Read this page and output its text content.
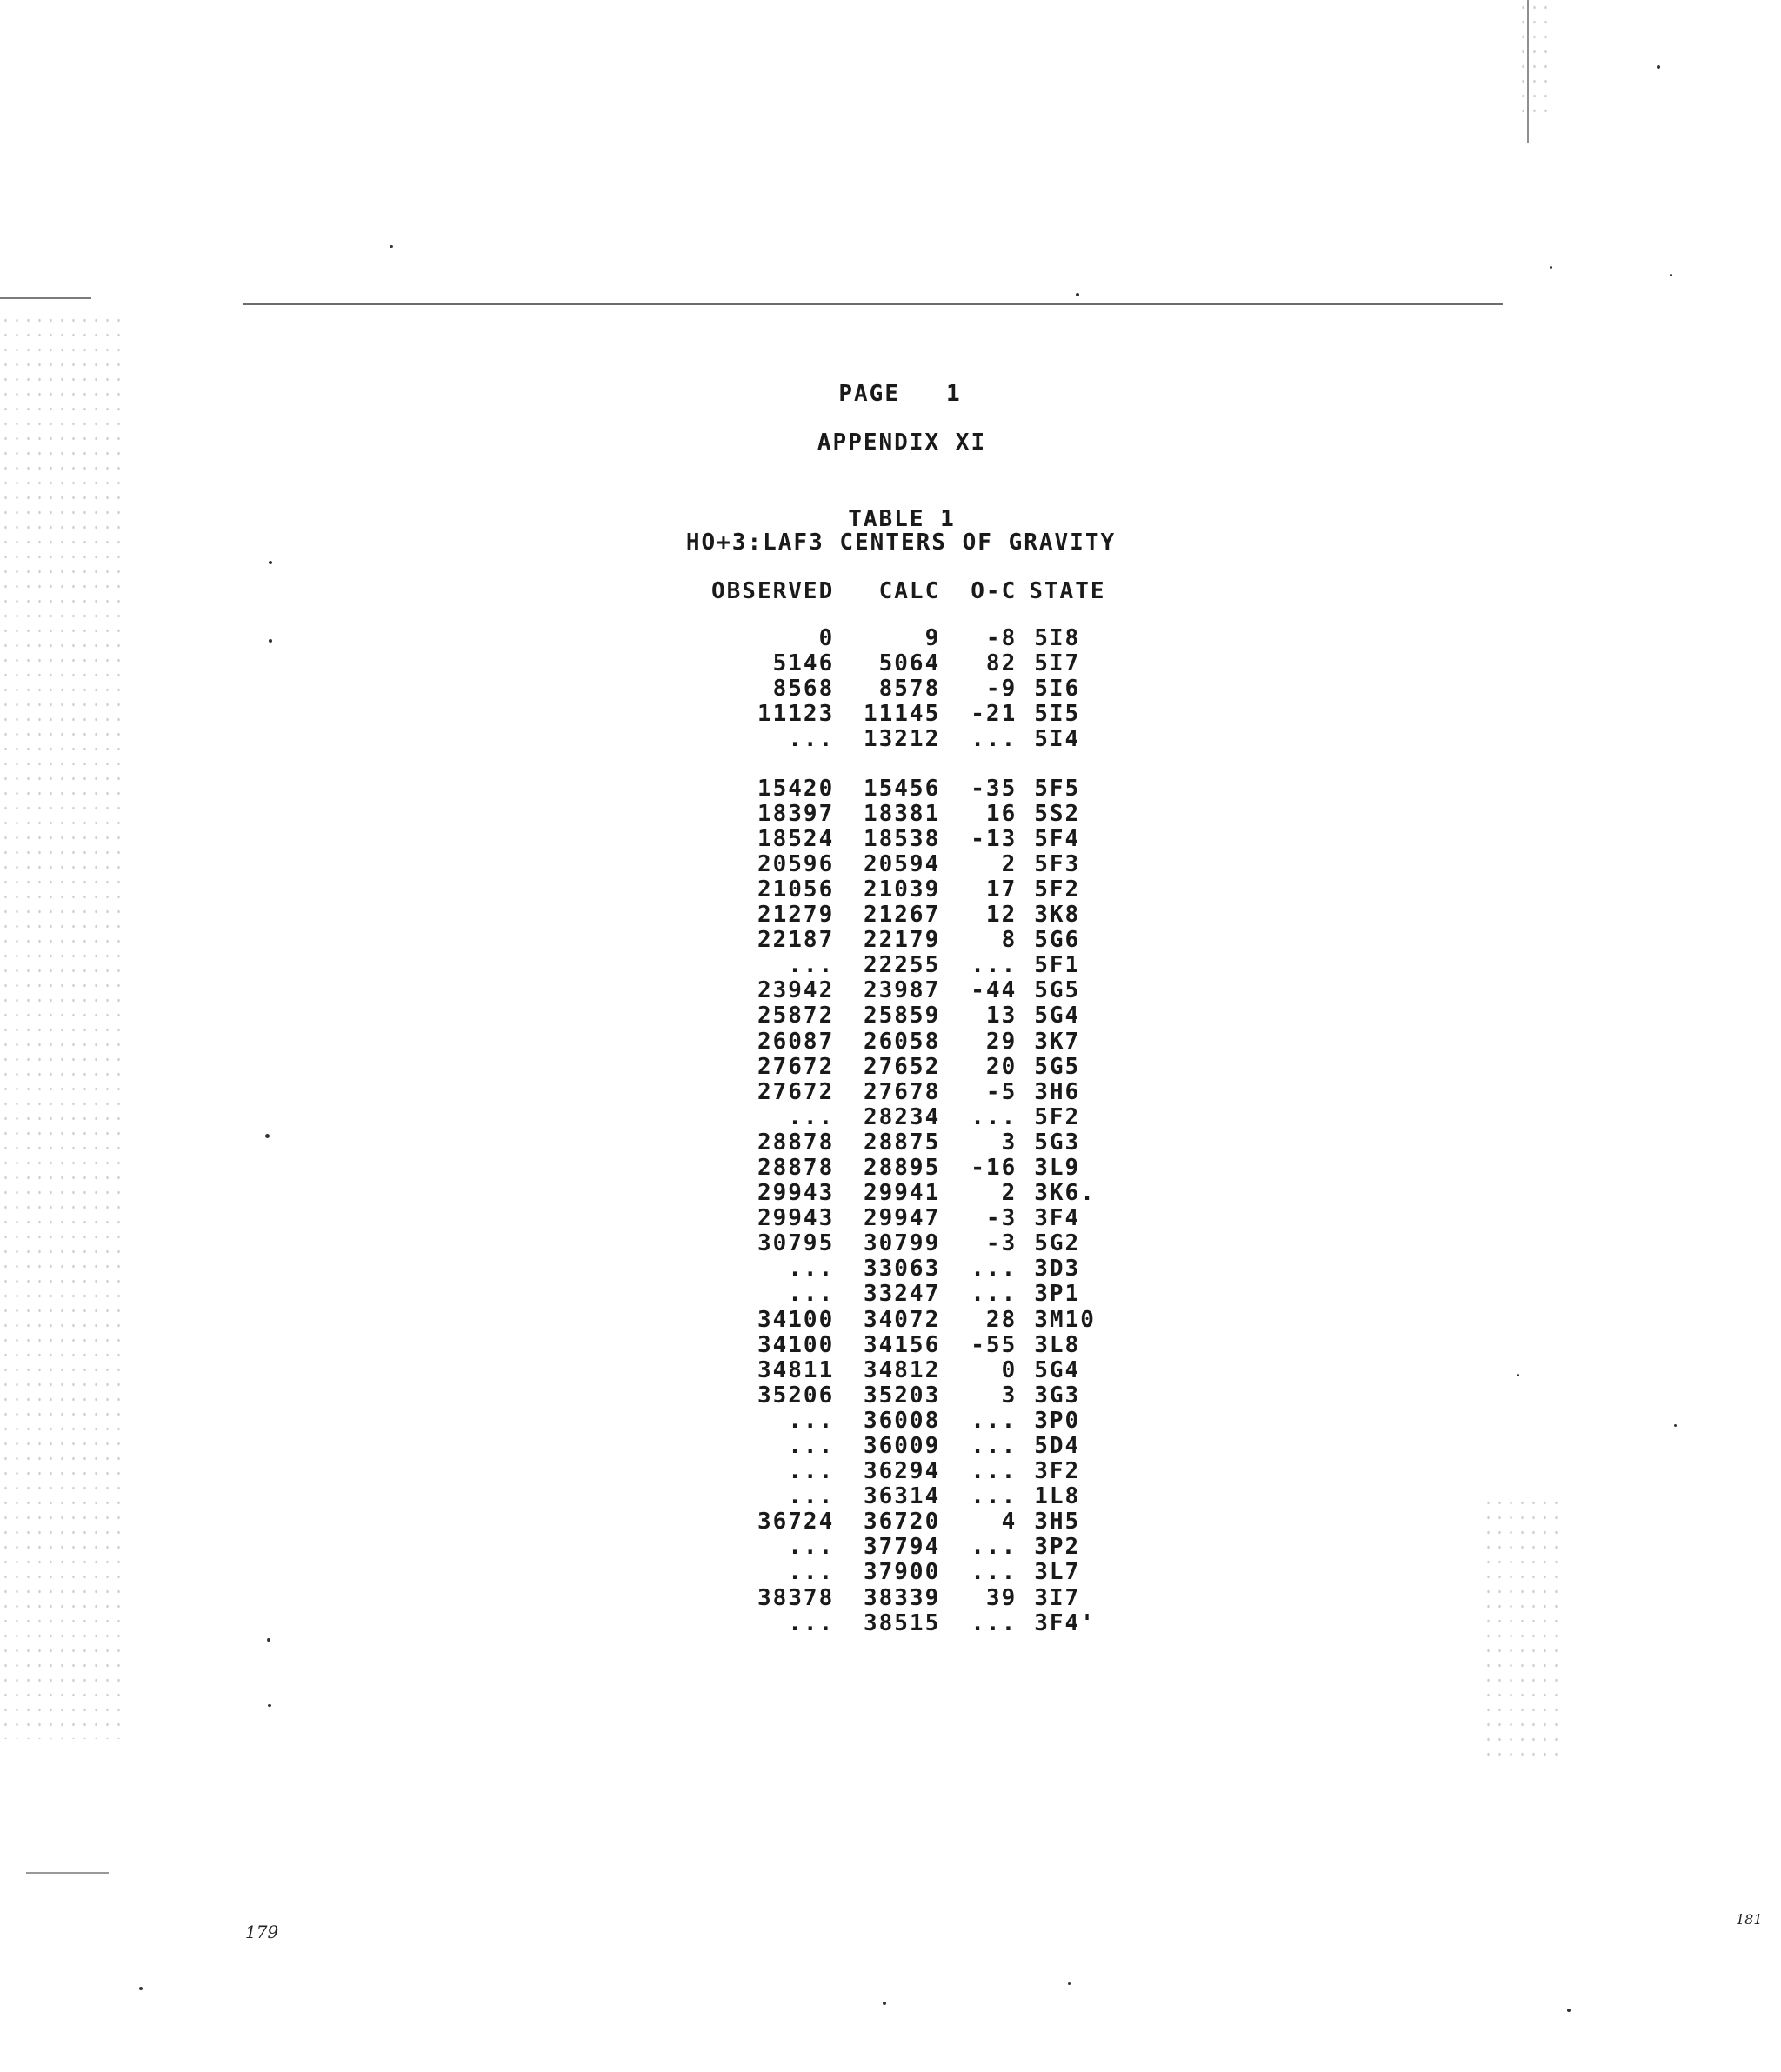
PAGE 1
APPENDIX XI
TABLE 1
HO+3:LAF3 CENTERS OF GRAVITY
OBSERVED	CALC	O-C	STATE
0	9	-8	5I8
5146	5064	82	5I7
8568	8578	-9	5I6
11123	11145	-21	5I5
...	13212	...	5I4

15420	15456	-35	5F5
18397	18381	16	5S2
18524	18538	-13	5F4
20596	20594	2	5F3
21056	21039	17	5F2
21279	21267	12	3K8
22187	22179	8	5G6
...	22255	...	5F1
23942	23987	-44	5G5
25872	25859	13	5G4
26087	26058	29	3K7
27672	27652	20	5G5
27672	27678	-5	3H6
...	28234	...	5F2
28878	28875	3	5G3
28878	28895	-16	3L9
29943	29941	2	3K6.
29943	29947	-3	3F4
30795	30799	-3	5G2
...	33063	...	3D3
...	33247	...	3P1
34100	34072	28	3M10
34100	34156	-55	3L8
34811	34812	0	5G4
35206	35203	3	3G3
...	36008	...	3P0
...	36009	...	5D4
...	36294	...	3F2
...	36314	...	1L8
36724	36720	4	3H5
...	37794	...	3P2
...	37900	...	3L7
38378	38339	39	3I7
...	38515	...	3F4'
179
181
